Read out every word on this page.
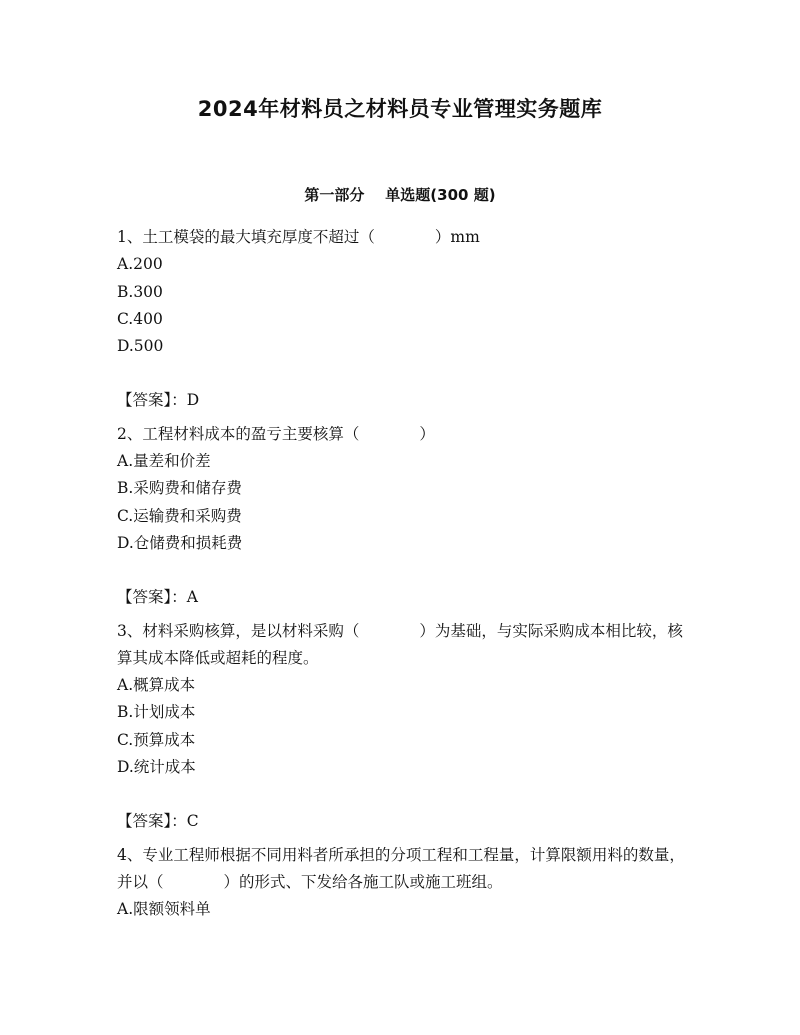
2024年材料员之材料员专业管理实务题库
第一部分    单选题(300 题)

1、土工模袋的最大填充厚度不超过（	）mm

A.200

B.300

C.400

D.500

【答案】：D

2、工程材料成本的盈亏主要核算（	）

A.量差和价差

B.采购费和储存费

C.运输费和采购费

D.仓储费和损耗费

【答案】：A

3、材料采购核算，是以材料采购（	）为基础，与实际采购成本相比较，核算其成本降低或超耗的程度。

A.概算成本

B.计划成本

C.预算成本

D.统计成本

【答案】：C

4、专业工程师根据不同用料者所承担的分项工程和工程量，计算限额用料的数量，并以（	）的形式、下发给各施工队或施工班组。

A.限额领料单
